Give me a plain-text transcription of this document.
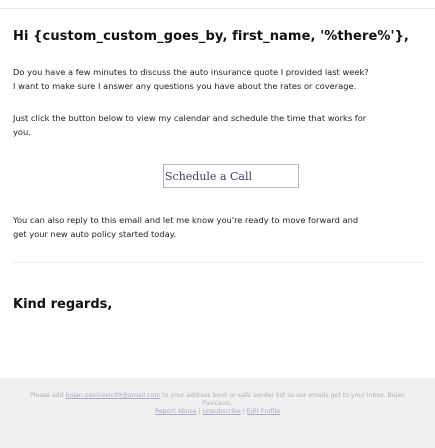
Hi {custom_custom_goes_by, first_name, '%there%'},
Do you have a few minutes to discuss the auto insurance quote I provided last week?
I want to make sure I answer any questions you have about the rates or coverage.
Just click the button below to view my calendar and schedule the time that works for
you.
Schedule a Call
You can also reply to this email and let me know you're ready to move forward and
get your new auto policy started today.
Kind regards,
Please add bojan.pavicevic99@gmail.com to your address book or safe sender list so our emails get to your inbox. Bojan
Pavicevic.
Report Abuse | Unsubscribe | Edit Profile
